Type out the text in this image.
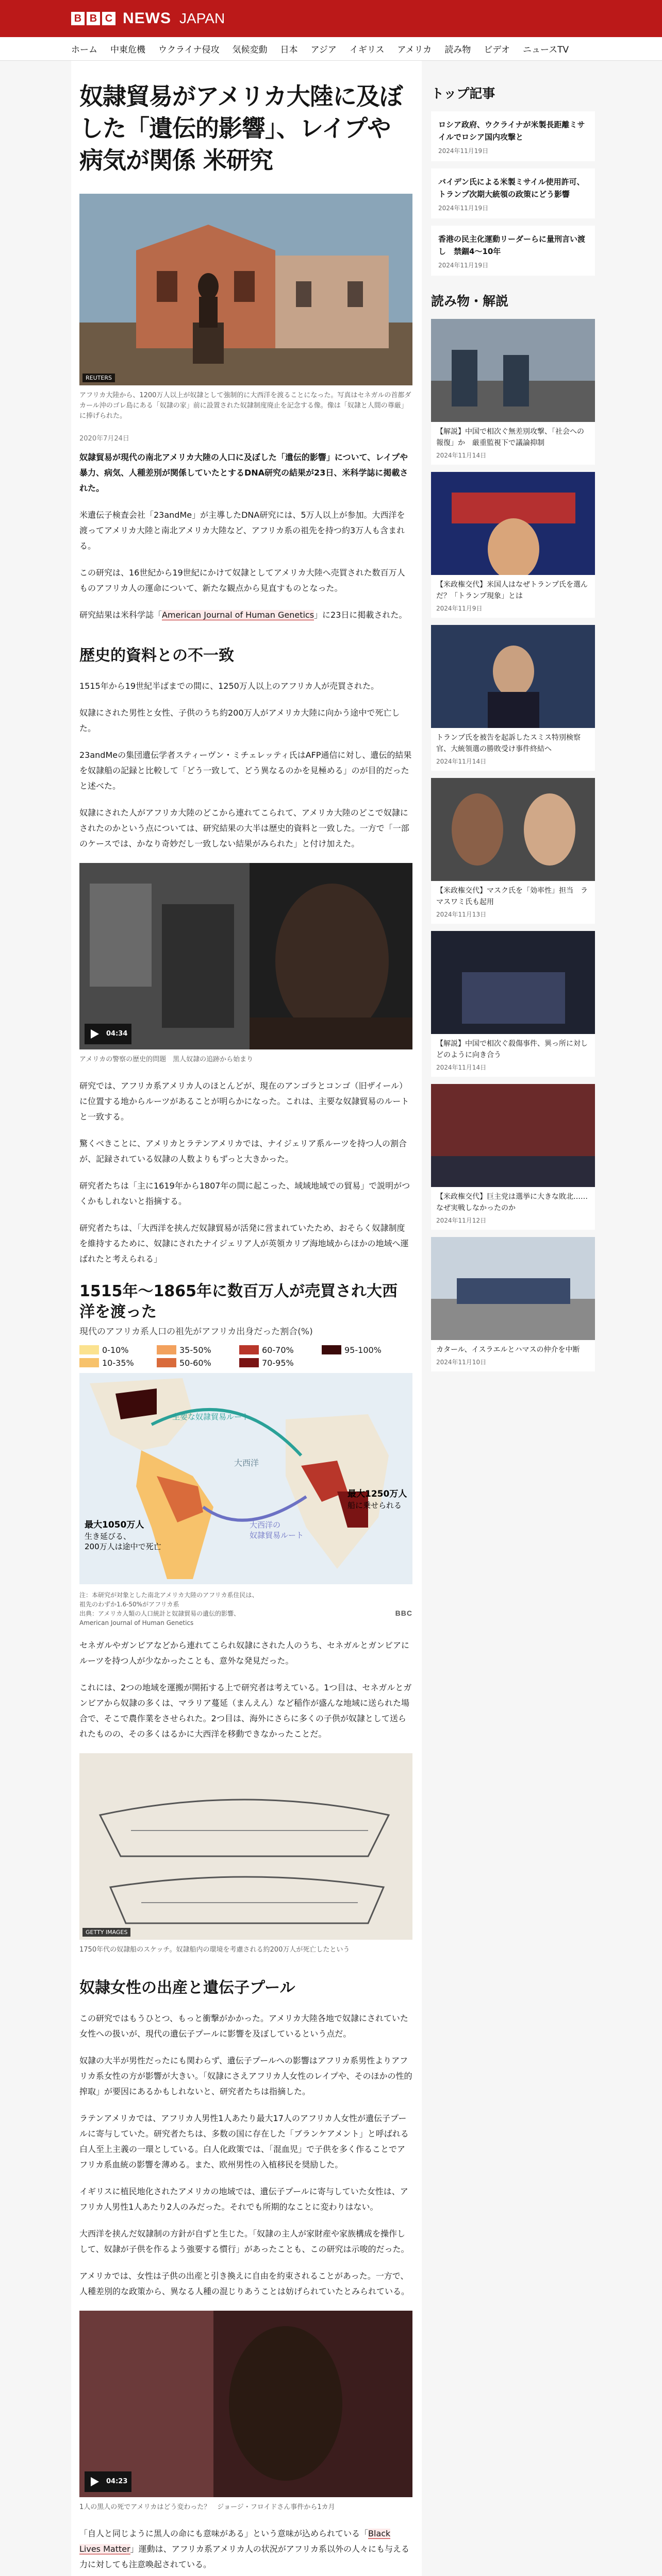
B B C NEWS JAPAN
ホーム	中東危機	ウクライナ侵攻	気候変動	日本	アジア	イギリス	アメリカ	読み物	ビデオ	ニュースTV
奴隷貿易がアメリカ大陸に及ぼした「遺伝的影響」、レイプや病気が関係 米研究
REUTERS
アフリカ大陸から、1200万人以上が奴隷として強制的に大西洋を渡ることになった。写真はセネガルの首都ダカール沖のゴレ島にある「奴隷の家」前に設置された奴隷制度廃止を記念する像。像は「奴隷と人間の尊厳」に捧げられた。
2020年7月24日

奴隷貿易が現代の南北アメリカ大陸の人口に及ぼした「遺伝的影響」について、レイプや暴力、病気、人種差別が関係していたとするDNA研究の結果が23日、米科学誌に掲載された。

米遺伝子検査会社「23andMe」が主導したDNA研究には、5万人以上が参加。大西洋を渡ってアメリカ大陸と南北アメリカ大陸など、アフリカ系の祖先を持つ約3万人も含まれる。

この研究は、16世紀から19世紀にかけて奴隷としてアメリカ大陸へ売買された数百万人ものアフリカ人の運命について、新たな観点から見直すものとなった。

研究結果は米科学誌「American Journal of Human Genetics」に23日に掲載された。

歴史的資料との不一致

1515年から19世紀半ばまでの間に、1250万人以上のアフリカ人が売買された。

奴隷にされた男性と女性、子供のうち約200万人がアメリカ大陸に向かう途中で死亡した。

23andMeの集団遺伝学者スティーヴン・ミチェレッティ氏はAFP通信に対し、遺伝的結果を奴隷船の記録と比較して「どう一致して、どう異なるのかを見極める」のが目的だったと述べた。

奴隷にされた人がアフリカ大陸のどこから連れてこられて、アメリカ大陸のどこで奴隷にされたのかという点については、研究結果の大半は歴史的資料と一致した。一方で「一部のケースでは、かなり奇妙だし一致しない結果がみられた」と付け加えた。

04:34
アメリカの警察の歴史的問題　黒人奴隷の追跡から始まり

研究では、アフリカ系アメリカ人のほとんどが、現在のアンゴラとコンゴ（旧ザイール）に位置する地からルーツがあることが明らかになった。これは、主要な奴隷貿易のルートと一致する。

驚くべきことに、アメリカとラテンアメリカでは、ナイジェリア系ルーツを持つ人の割合が、記録されている奴隷の人数よりもずっと大きかった。

研究者たちは「主に1619年から1807年の間に起こった、域域地域での貿易」で説明がつくかもしれないと指摘する。

研究者たちは、「大西洋を挟んだ奴隷貿易が活発に営まれていたため、おそらく奴隷制度を維持するために、奴隷にされたナイジェリア人が英領カリブ海地域からほかの地域へ運ばれたと考えられる」

1515年～1865年に数百万人が売買され大西洋を渡った
現代のアフリカ系人口の祖先がアフリカ出身だった割合(%)
0-10%	35-50%	60-70%	95-100%
10-35%	50-60%	70-95%
主要な奴隷貿易ルート
大西洋
最大1250万人
船に乗せられる
最大1050万人
生き延びる、
200万人は途中で死亡
大西洋の
奴隷貿易ルート
注：本研究が対象とした南北アメリカ大陸のアフリカ系住民は、
祖先のわずか1.6-50%がアフリカ系
出典：アメリカ人類の人口統計と奴隷貿易の遺伝的影響、
American Journal of Human Genetics
BBC

セネガルやガンビアなどから連れてこられ奴隷にされた人のうち、セネガルとガンビアにルーツを持つ人が少なかったことも、意外な発見だった。

これには、2つの地域を運搬が開拓する上で研究者は考えている。1つ目は、セネガルとガンビアから奴隷の多くは、マラリア蔓延（まんえん）など稲作が盛んな地域に送られた場合で、そこで農作業をさせられた。2つ目は、海外にさらに多くの子供が奴隷として送られたものの、その多くはるかに大西洋を移動できなかったことだ。

GETTY IMAGES
1750年代の奴隷船のスケッチ。奴隷船内の環境を考慮される約200万人が死亡したという
奴隷女性の出産と遺伝子プール

この研究ではもうひとつ、もっと衝撃がかかった。アメリカ大陸各地で奴隷にされていた女性への扱いが、現代の遺伝子プールに影響を及ぼしているという点だ。

奴隷の大半が男性だったにも関わらず、遺伝子プールへの影響はアフリカ系男性よりアフリカ系女性の方が影響が大きい。「奴隷にさえアフリカ人女性のレイプや、そのほかの性的搾取」が要因にあるかもしれないと、研究者たちは指摘した。

ラテンアメリカでは、アフリカ人男性1人あたり最大17人のアフリカ人女性が遺伝子プールに寄与していた。研究者たちは、多数の国に存在した「ブランケアメント」と呼ばれる白人至上主義の一環としている。白人化政策では、「混血児」で子供を多く作ることでアフリカ系血統の影響を薄める。また、欧州男性の入植移民を奨励した。

イギリスに植民地化されたアメリカの地域では、遺伝子プールに寄与していた女性は、アフリカ人男性1人あたり2人のみだった。それでも所期的なことに変わりはない。

大西洋を挟んだ奴隷制の方針が自ずと生じた。「奴隷の主人が家財産や家族構成を操作しして、奴隷が子供を作るよう強要する慣行」があったことも、この研究は示唆的だった。

アメリカでは、女性は子供の出産と引き換えに自由を約束されることがあった。一方で、人種差別的な政策から、異なる人種の混じりあうことは妨げられていたとみられている。

04:23
1人の黒人の死でアメリカはどう変わった？　ジョージ・フロイドさん事件から1カ月

「自人と同じように黒人の命にも意味がある」という意味が込められている「Black Lives Matter」運動は、アフリカ系アメリカ人の状況がアフリカ系以外の人々にも与える力に対しても注意喚起されている。

トップ記事
ロシア政府、ウクライナが米製長距離ミサイルでロシア国内攻撃と
2024年11月19日
バイデン氏による米製ミサイル使用許可、トランプ次期大統領の政策にどう影響
2024年11月19日
香港の民主化運動リーダーらに量刑言い渡し　禁錮4～10年
2024年11月19日
読み物・解説
【解説】中国で相次ぐ無差別攻撃、「社会への報復」か　厳重監視下で議論抑制
2024年11月14日
【米政権交代】米国人はなぜトランプ氏を選んだ？「トランプ現象」とは
2024年11月9日
トランプ氏を被告を起訴したスミス特別検察官、大統領選の勝敗受け事件終結へ
2024年11月14日
【米政権交代】マスク氏を「効率性」担当　ラマスワミ氏も起用
2024年11月13日
【解説】中国で相次ぐ殺傷事件、異っ所に対しどのように向き合う
2024年11月14日
【米政権交代】巨主党は選挙に大きな敗北……なぜ実戦しなかったのか
2024年11月12日
カタール、イスラエルとハマスの仲介を中断
2024年11月10日
